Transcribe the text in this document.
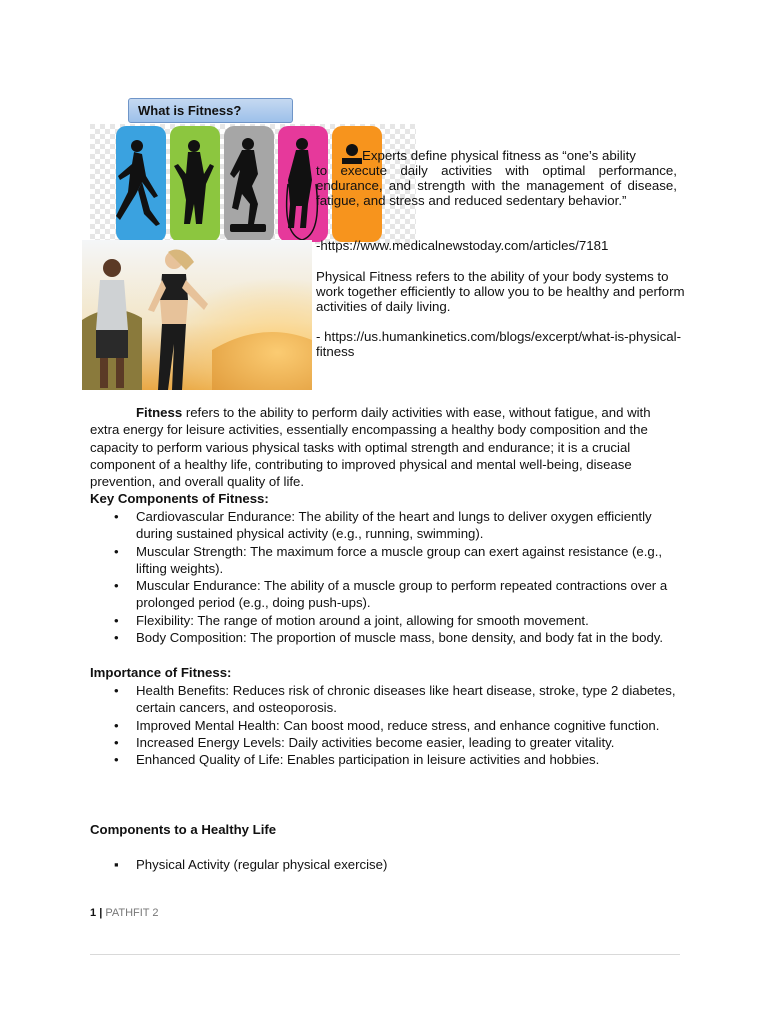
What is Fitness?
Experts define physical fitness as “one’s ability
to execute daily activities with optimal performance, endurance, and strength with the management of disease, fatigue, and stress and reduced sedentary behavior.”
-https://www.medicalnewstoday.com/articles/7181
Physical Fitness refers to the ability of your body systems to work together efficiently to allow you to be healthy and perform activities of daily living.
- https://us.humankinetics.com/blogs/excerpt/what-is-physical-fitness
Fitness refers to the ability to perform daily activities with ease, without fatigue, and with extra energy for leisure activities, essentially encompassing a healthy body composition and the capacity to perform various physical tasks with optimal strength and endurance; it is a crucial component of a healthy life, contributing to improved physical and mental well-being, disease prevention, and overall quality of life.
Key Components of Fitness:
• Cardiovascular Endurance: The ability of the heart and lungs to deliver oxygen efficiently during sustained physical activity (e.g., running, swimming).
• Muscular Strength: The maximum force a muscle group can exert against resistance (e.g., lifting weights).
• Muscular Endurance: The ability of a muscle group to perform repeated contractions over a prolonged period (e.g., doing push-ups).
• Flexibility: The range of motion around a joint, allowing for smooth movement.
• Body Composition: The proportion of muscle mass, bone density, and body fat in the body.
Importance of Fitness:
• Health Benefits: Reduces risk of chronic diseases like heart disease, stroke, type 2 diabetes, certain cancers, and osteoporosis.
• Improved Mental Health: Can boost mood, reduce stress, and enhance cognitive function.
• Increased Energy Levels: Daily activities become easier, leading to greater vitality.
• Enhanced Quality of Life: Enables participation in leisure activities and hobbies.
Components to a Healthy Life
▪ Physical Activity (regular physical exercise)
1 | PATHFIT 2
